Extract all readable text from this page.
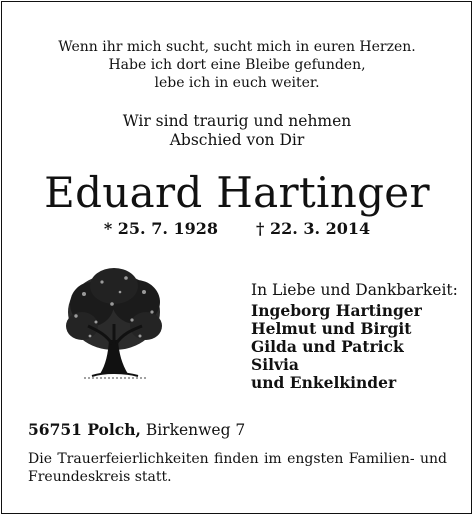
Wenn ihr mich sucht, sucht mich in euren Herzen.
Habe ich dort eine Bleibe gefunden,
lebe ich in euch weiter.
Wir sind traurig und nehmen
Abschied von Dir
Eduard Hartinger
* 25. 7. 1928 † 22. 3. 2014
In Liebe und Dankbarkeit:
Ingeborg Hartinger
Helmut und Birgit
Gilda und Patrick
Silvia
und Enkelkinder
56751 Polch, Birkenweg 7
Die Trauerfeierlichkeiten finden im engsten Familien- und Freundeskreis statt.
